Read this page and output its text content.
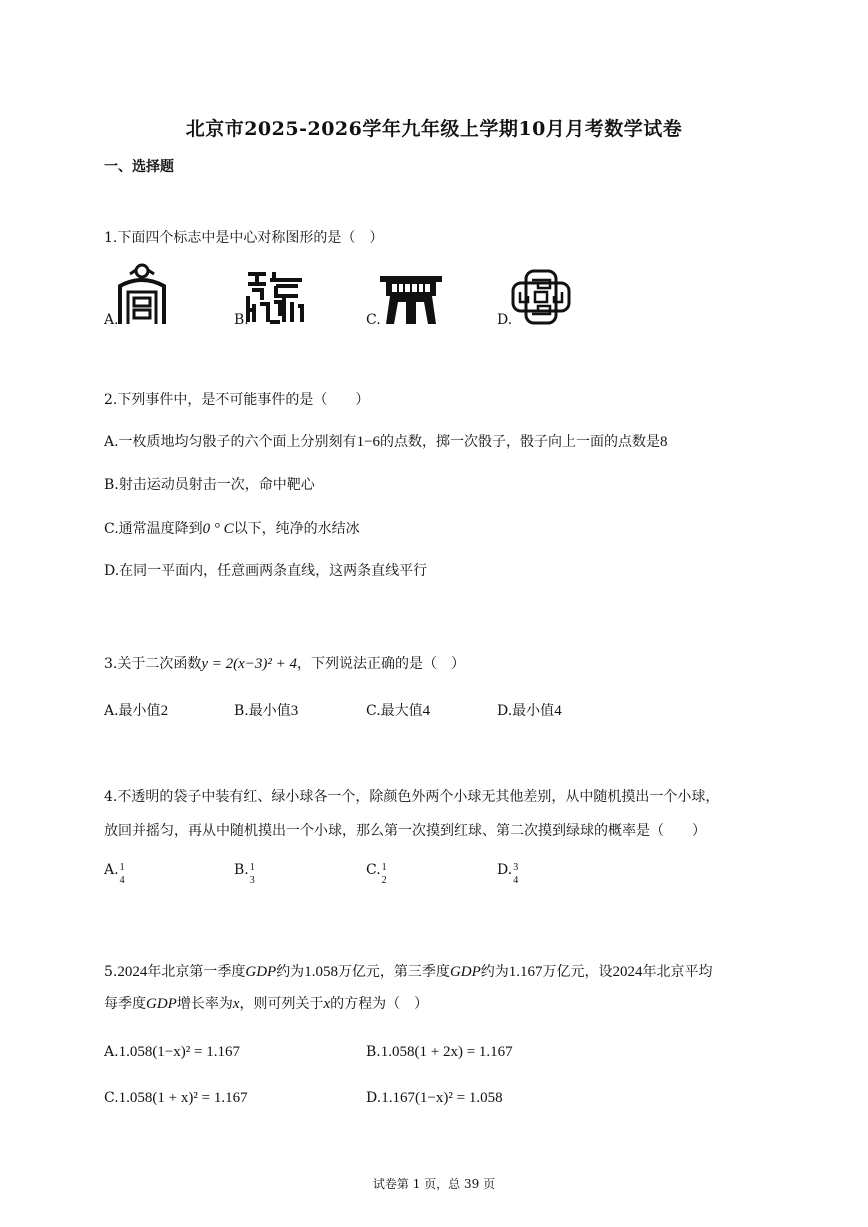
北京市2025-2026学年九年级上学期10月月考数学试卷
一、选择题
1.下面四个标志中是中心对称图形的是（　）
A.	B.	C.	D.
2.下列事件中，是不可能事件的是（　　）
A.一枚质地均匀骰子的六个面上分别刻有1−6的点数，掷一次骰子，骰子向上一面的点数是8
B.射击运动员射击一次，命中靶心
C.通常温度降到0 ° C以下，纯净的水结冰
D.在同一平面内，任意画两条直线，这两条直线平行
3.关于二次函数y = 2(x−3)² + 4，下列说法正确的是（　）
A.最小值2	B.最小值3	C.最大值4	D.最小值4
4.不透明的袋子中装有红、绿小球各一个，除颜色外两个小球无其他差别，从中随机摸出一个小球，
放回并摇匀，再从中随机摸出一个小球，那么第一次摸到红球、第二次摸到绿球的概率是（　　）
A. 1
4
B. 1
3
C. 1
2
D. 3
4
5.2024年北京第一季度GDP约为1.058万亿元，第三季度GDP约为1.167万亿元，设2024年北京平均
每季度GDP增长率为x，则可列关于x的方程为（　）
A.1.058(1−x)² = 1.167	B.1.058(1 + 2x) = 1.167
C.1.058(1 + x)² = 1.167	D.1.167(1−x)² = 1.058
试卷第 1 页，总 39 页
